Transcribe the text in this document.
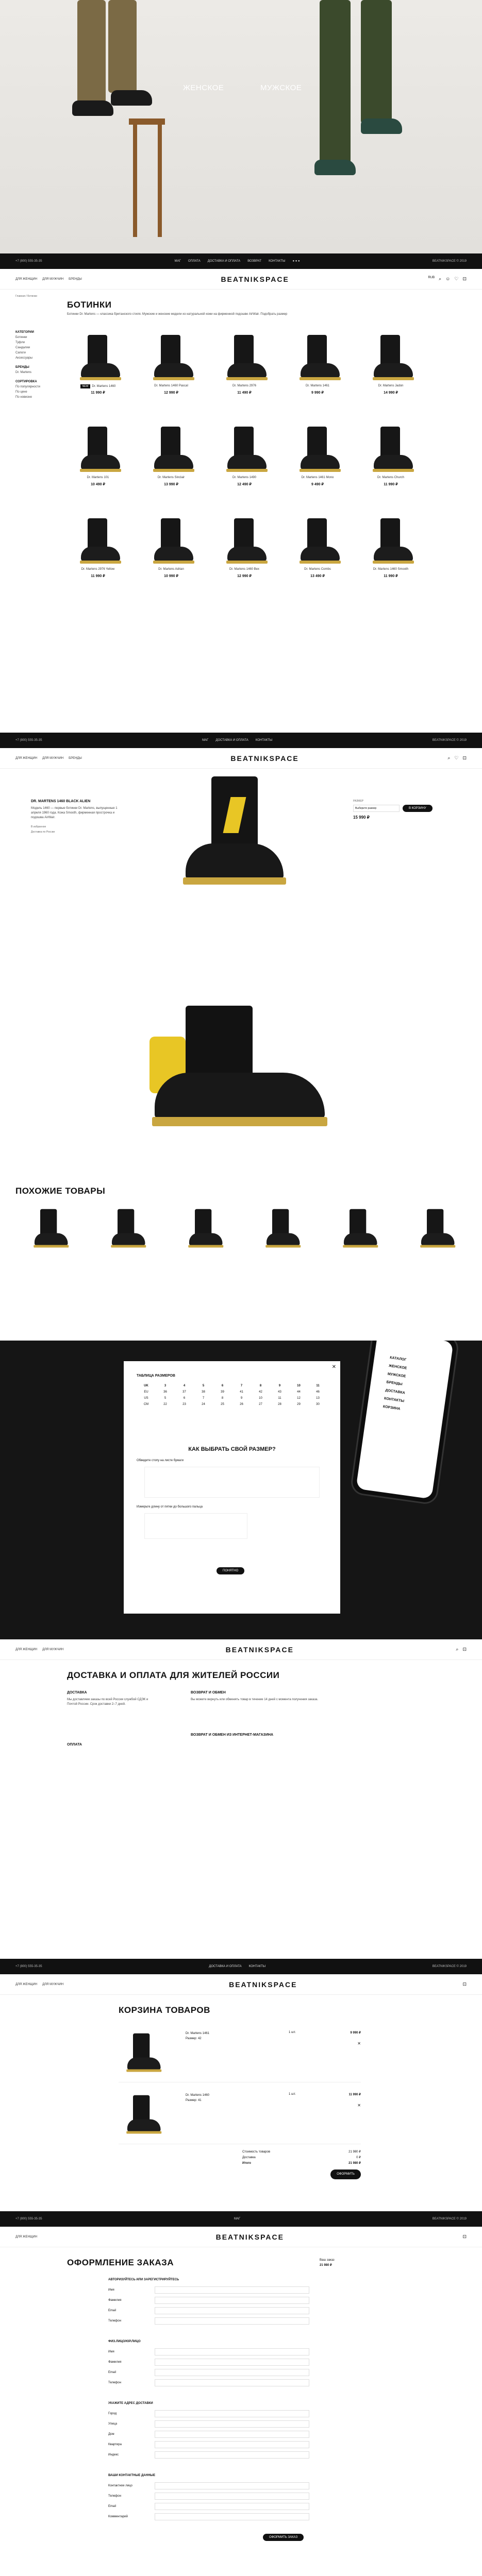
ЖЕНСКОЕ	МУЖСКОЕ
+7 (800) 555-35-35	МАГ ОПЛАТА ДОСТАВКА И ОПЛАТА ВОЗВРАТ КОНТАКТЫ ● ● ●	BEATNIKSPACE © 2019
ДЛЯ ЖЕНЩИН ДЛЯ МУЖЧИН БРЕНДЫ	BEATNIKSPACE	RUB ⌕ ☺ ♡ ⊡
Главная / Ботинки
БОТИНКИ
Ботинки Dr. Martens — классика британского стиля. Мужские и женские модели из натуральной кожи на фирменной подошве AirWair. Подобрать размер
КАТЕГОРИИ
Ботинки
Туфли
Сандалии
Сапоги
Аксессуары
БРЕНДЫ
Dr. Martens
СОРТИРОВКА
По популярности
По цене
По новизне
NEW Dr. Martens 1460
11 990 ₽
Dr. Martens 1460 Pascal
12 990 ₽
Dr. Martens 2976
11 490 ₽
Dr. Martens 1461
9 990 ₽
Dr. Martens Jadon
14 990 ₽
Dr. Martens 101
10 490 ₽
Dr. Martens Sinclair
13 990 ₽
Dr. Martens 1490
12 490 ₽
Dr. Martens 1461 Mono
9 490 ₽
Dr. Martens Church
11 990 ₽
Dr. Martens 2976 Yellow
11 990 ₽
Dr. Martens Adrian
10 990 ₽
Dr. Martens 1460 Bex
12 990 ₽
Dr. Martens Combs
13 490 ₽
Dr. Martens 1460 Smooth
11 990 ₽
+7 (800) 555-35-35	МАГ ДОСТАВКА И ОПЛАТА КОНТАКТЫ	BEATNIKSPACE © 2019
ДЛЯ ЖЕНЩИН ДЛЯ МУЖЧИН БРЕНДЫ	BEATNIKSPACE	⌕ ♡ ⊡
DR. MARTENS 1460 BLACK ALIEN
Модель 1460 — первые ботинки Dr. Martens, выпущенные 1 апреля 1960 года. Кожа Smooth, фирменная прострочка и подошва AirWair.
В избранное
Доставка по России
РАЗМЕР
Выберите размер	В КОРЗИНУ
15 990 ₽
ПОХОЖИЕ ТОВАРЫ
✕
ТАБЛИЦА РАЗМЕРОВ
UK	3	4	5	6	7	8	9	10	11
EU	36	37	38	39	41	42	43	44	46
US	5	6	7	8	9	10	11	12	13
СМ	22	23	24	25	26	27	28	29	30
КАК ВЫБРАТЬ СВОЙ РАЗМЕР?
Обведите стопу на листе бумаги
Измерьте длину от пятки до большого пальца
ПОНЯТНО
КАТАЛОГ
ЖЕНСКОЕ
МУЖСКОЕ
БРЕНДЫ
ДОСТАВКА
КОНТАКТЫ
КОРЗИНА
ДЛЯ ЖЕНЩИН ДЛЯ МУЖЧИН	BEATNIKSPACE	⌕ ⊡
ДОСТАВКА И ОПЛАТА ДЛЯ ЖИТЕЛЕЙ РОССИИ
ДОСТАВКА
Мы доставляем заказы по всей России службой СДЭК и Почтой России. Срок доставки 2–7 дней.
ОПЛАТА
ВОЗВРАТ И ОБМЕН
Вы можете вернуть или обменять товар в течение 14 дней с момента получения заказа.
ВОЗВРАТ И ОБМЕН ИЗ ИНТЕРНЕТ-МАГАЗИНА
+7 (800) 555-35-35	ДОСТАВКА И ОПЛАТА КОНТАКТЫ	BEATNIKSPACE © 2019
ДЛЯ ЖЕНЩИН ДЛЯ МУЖЧИН	BEATNIKSPACE	⊡
КОРЗИНА ТОВАРОВ
Dr. Martens 1461
Размер: 42
1 шт.	9 990 ₽
✕
Dr. Martens 1460
Размер: 41
1 шт.	11 990 ₽
✕
Стоимость товаров	21 980 ₽
Доставка	0 ₽
Итого	21 980 ₽
ОФОРМИТЬ
+7 (800) 555-35-35	МАГ	BEATNIKSPACE © 2019
ДЛЯ ЖЕНЩИН	BEATNIKSPACE	⊡
ОФОРМЛЕНИЕ ЗАКАЗА	Ваш заказ
21 980 ₽
АВТОРИЗУЙТЕСЬ ИЛИ ЗАРЕГИСТРИРУЙТЕСЬ
Имя
Фамилия
Email
Телефон
ФИЗ.ЛИЦО/ЮР.ЛИЦО
Имя
Фамилия
Email
Телефон
УКАЖИТЕ АДРЕС ДОСТАВКИ
Город
Улица
Дом
Квартира
Индекс
ВАШИ КОНТАКТНЫЕ ДАННЫЕ
Контактное лицо
Телефон
Email
Комментарий
ОФОРМИТЬ ЗАКАЗ
